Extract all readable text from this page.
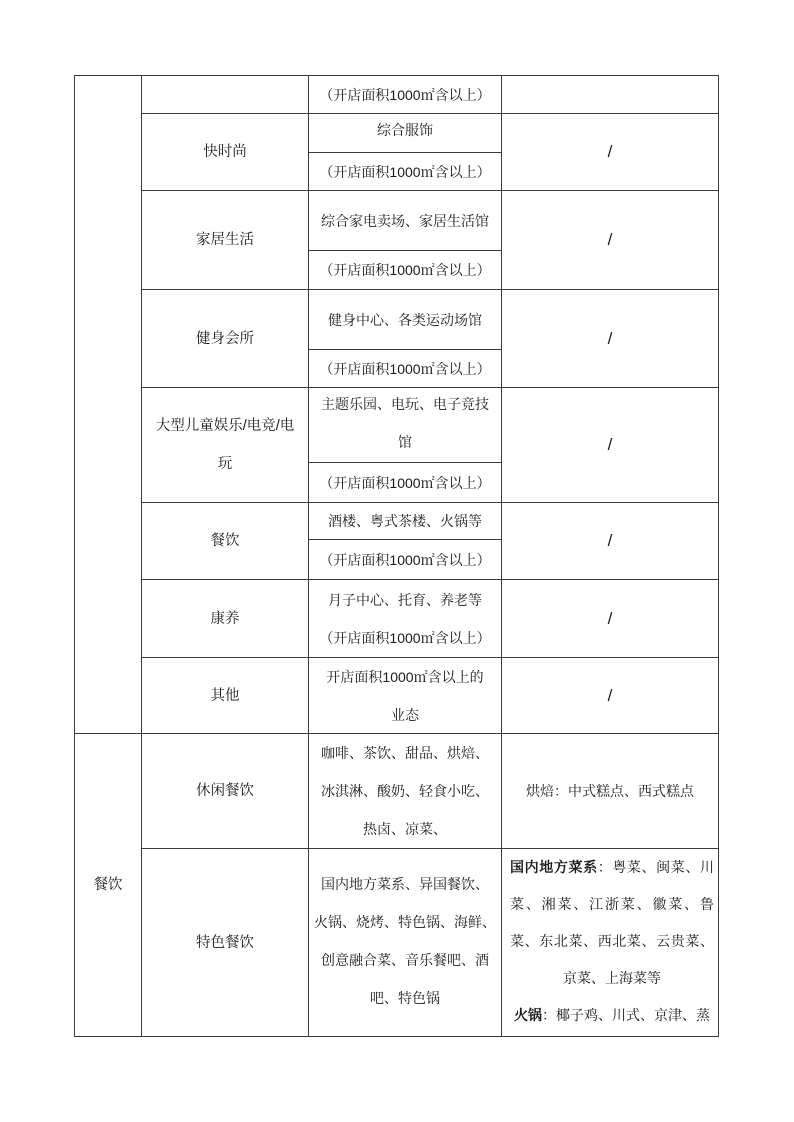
（开店面积1000㎡含以上）
快时尚
综合服饰
（开店面积1000㎡含以上）
/
家居生活
综合家电卖场、家居生活馆
（开店面积1000㎡含以上）
/
健身会所
健身中心、各类运动场馆
（开店面积1000㎡含以上）
/
大型儿童娱乐/电竞/电
玩
主题乐园、电玩、电子竞技
馆
（开店面积1000㎡含以上）
/
餐饮
酒楼、粤式茶楼、火锅等
（开店面积1000㎡含以上）
/
康养
月子中心、托育、养老等
（开店面积1000㎡含以上）
/
其他
开店面积1000㎡含以上的
业态
/
餐饮
休闲餐饮
咖啡、茶饮、甜品、烘焙、
冰淇淋、酸奶、轻食小吃、
热卤、凉菜、
烘焙：中式糕点、西式糕点
特色餐饮
国内地方菜系、异国餐饮、
火锅、烧烤、特色锅、海鲜、
创意融合菜、音乐餐吧、酒
吧、特色锅

国内地方菜系：粤菜、闽菜、川菜、湘菜、江浙菜、徽菜、鲁菜、东北菜、西北菜、云贵菜、京菜、上海菜等

火锅：椰子鸡、川式、京津、蒸
